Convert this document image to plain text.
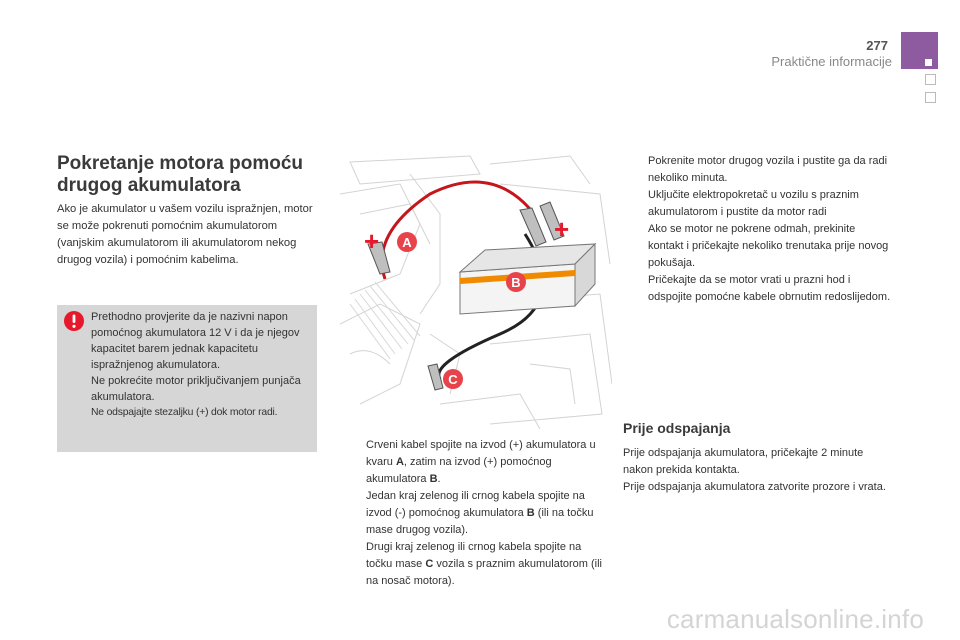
277
Praktične informacije
Pokretanje motora pomoću drugog akumulatora
Ako je akumulator u vašem vozilu ispražnjen, motor se može pokrenuti pomoćnim akumulatorom (vanjskim akumulatorom ili akumulatorom nekog drugog vozila) i pomoćnim kabelima.
Prethodno provjerite da je nazivni napon pomoćnog akumulatora 12 V i da je njegov kapacitet barem jednak kapacitetu ispražnjenog akumulatora.
Ne pokrećite motor priključivanjem punjača akumulatora.
Ne odspajajte stezaljku (+) dok motor radi.
+	+
A
B
C
Crveni kabel spojite na izvod (+) akumulatora u kvaru A, zatim na izvod (+) pomoćnog akumulatora B.
Jedan kraj zelenog ili crnog kabela spojite na izvod (-) pomoćnog akumulatora B (ili na točku mase drugog vozila).
Drugi kraj zelenog ili crnog kabela spojite na točku mase C vozila s praznim akumulatorom (ili na nosač motora).
Pokrenite motor drugog vozila i pustite ga da radi nekoliko minuta.
Uključite elektropokretač u vozilu s praznim akumulatorom i pustite da motor radi
Ako se motor ne pokrene odmah, prekinite kontakt i pričekajte nekoliko trenutaka prije novog pokušaja.
Pričekajte da se motor vrati u prazni hod i odspojite pomoćne kabele obrnutim redoslijedom.
Prije odspajanja
Prije odspajanja akumulatora, pričekajte 2 minute nakon prekida kontakta.
Prije odspajanja akumulatora zatvorite prozore i vrata.
carmanualsonline.info
